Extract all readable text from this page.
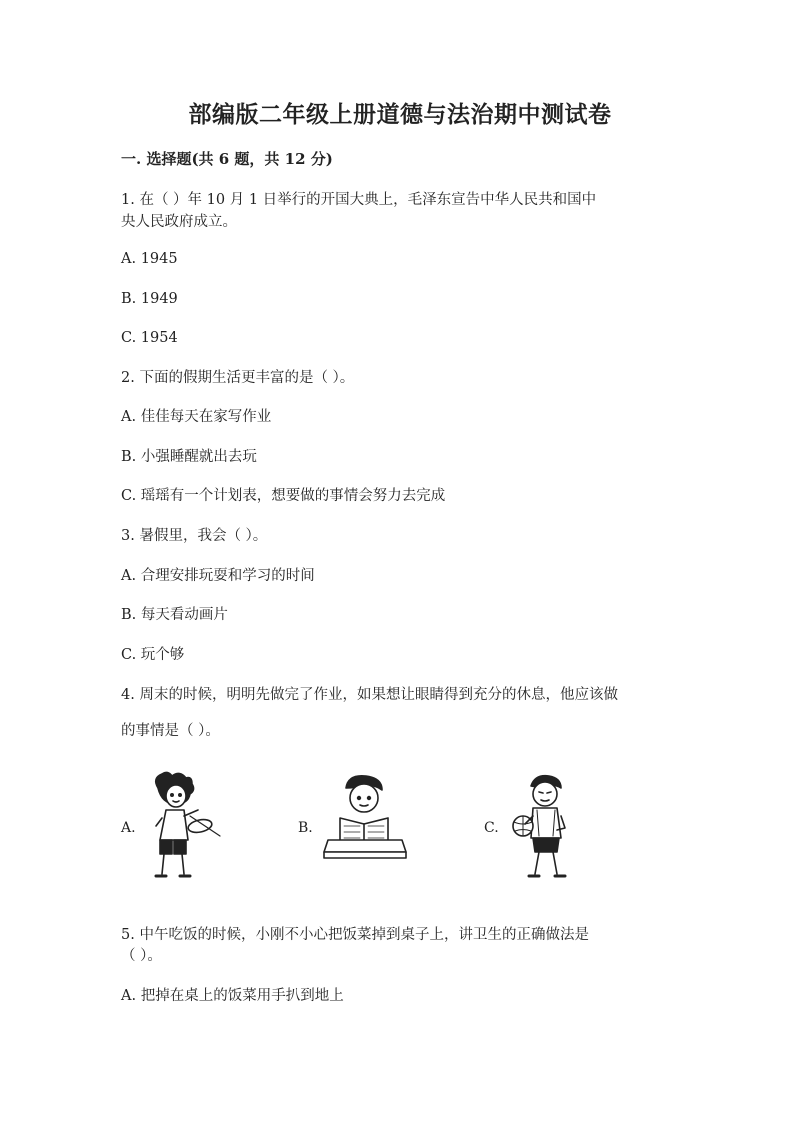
部编版二年级上册道德与法治期中测试卷
一. 选择题(共 6 题，共 12 分)
1. 在（ ）年 10 月 1 日举行的开国大典上，毛泽东宣告中华人民共和国中
央人民政府成立。
A. 1945
B. 1949
C. 1954
2. 下面的假期生活更丰富的是（ ）。
A. 佳佳每天在家写作业
B. 小强睡醒就出去玩
C. 瑶瑶有一个计划表，想要做的事情会努力去完成
3. 暑假里，我会（ ）。
A. 合理安排玩耍和学习的时间
B. 每天看动画片
C. 玩个够
4. 周末的时候，明明先做完了作业，如果想让眼睛得到充分的休息，他应该做
的事情是（ ）。
A.	B.	C.
5. 中午吃饭的时候，小刚不小心把饭菜掉到桌子上，讲卫生的正确做法是
（ ）。
A. 把掉在桌上的饭菜用手扒到地上
